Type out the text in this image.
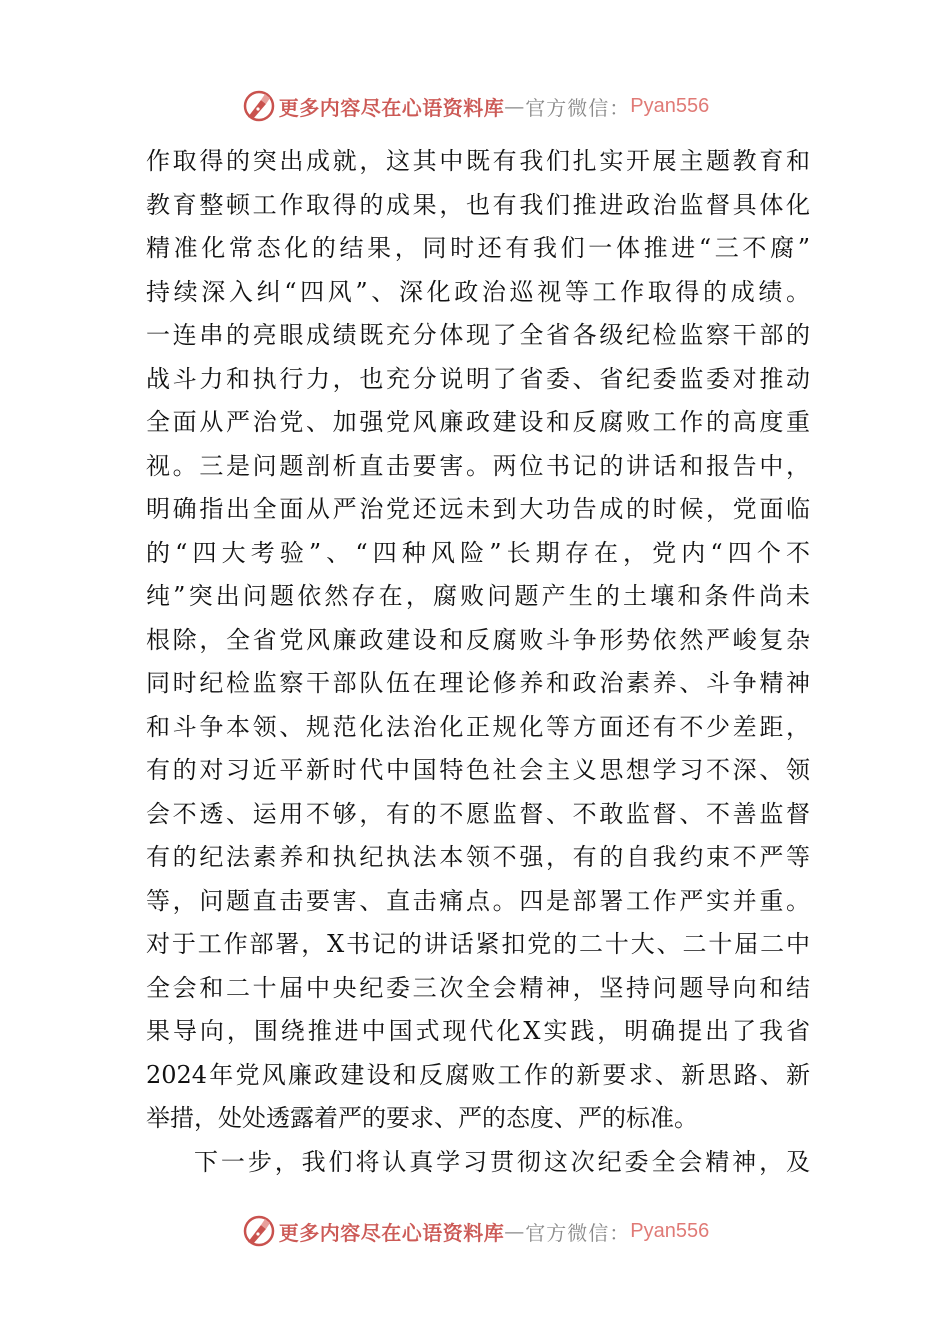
更多内容尽在心语资料库 — 官方微信： Pyan556
作取得的突出成就，这其中既有我们扎实开展主题教育和
教育整顿工作取得的成果，也有我们推进政治监督具体化
精准化常态化的结果，同时还有我们一体推进“三不腐”
持续深入纠“四风”、深化政治巡视等工作取得的成绩。
一连串的亮眼成绩既充分体现了全省各级纪检监察干部的
战斗力和执行力，也充分说明了省委、省纪委监委对推动
全面从严治党、加强党风廉政建设和反腐败工作的高度重
视。三是问题剖析直击要害。两位书记的讲话和报告中，
明确指出全面从严治党还远未到大功告成的时候，党面临
的“四大考验”、“四种风险”长期存在，党内“四个不
纯”突出问题依然存在，腐败问题产生的土壤和条件尚未
根除，全省党风廉政建设和反腐败斗争形势依然严峻复杂
同时纪检监察干部队伍在理论修养和政治素养、斗争精神
和斗争本领、规范化法治化正规化等方面还有不少差距，
有的对习近平新时代中国特色社会主义思想学习不深、领
会不透、运用不够，有的不愿监督、不敢监督、不善监督
有的纪法素养和执纪执法本领不强，有的自我约束不严等
等，问题直击要害、直击痛点。四是部署工作严实并重。
对于工作部署，X书记的讲话紧扣党的二十大、二十届二中
全会和二十届中央纪委三次全会精神，坚持问题导向和结
果导向，围绕推进中国式现代化X实践，明确提出了我省
2024年党风廉政建设和反腐败工作的新要求、新思路、新
举措，处处透露着严的要求、严的态度、严的标准。
下一步，我们将认真学习贯彻这次纪委全会精神，及
更多内容尽在心语资料库 — 官方微信： Pyan556
